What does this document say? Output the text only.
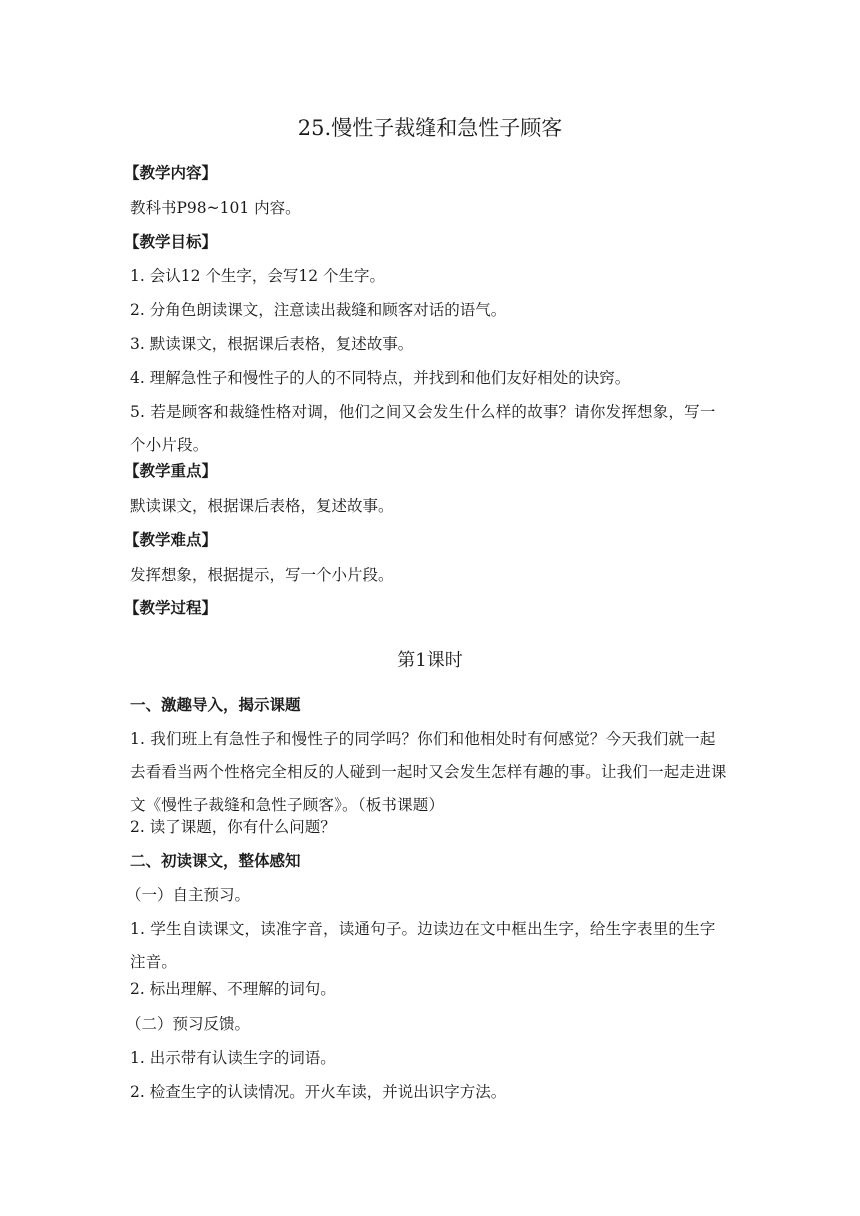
25.慢性子裁缝和急性子顾客
【教学内容】
教科书P98~101 内容。
【教学目标】
1. 会认12 个生字，会写12 个生字。
2. 分角色朗读课文，注意读出裁缝和顾客对话的语气。
3. 默读课文，根据课后表格，复述故事。
4. 理解急性子和慢性子的人的不同特点，并找到和他们友好相处的诀窍。
5. 若是顾客和裁缝性格对调，他们之间又会发生什么样的故事？请你发挥想象，写一个小片段。
【教学重点】
默读课文，根据课后表格，复述故事。
【教学难点】
发挥想象，根据提示，写一个小片段。
【教学过程】
第1课时
一、激趣导入，揭示课题
1. 我们班上有急性子和慢性子的同学吗？你们和他相处时有何感觉？今天我们就一起去看看当两个性格完全相反的人碰到一起时又会发生怎样有趣的事。让我们一起走进课文《慢性子裁缝和急性子顾客》。（板书课题）
2. 读了课题，你有什么问题？
二、初读课文，整体感知
（一）自主预习。
1. 学生自读课文，读准字音，读通句子。边读边在文中框出生字，给生字表里的生字注音。
2. 标出理解、不理解的词句。
（二）预习反馈。
1. 出示带有认读生字的词语。
2. 检查生字的认读情况。开火车读，并说出识字方法。
